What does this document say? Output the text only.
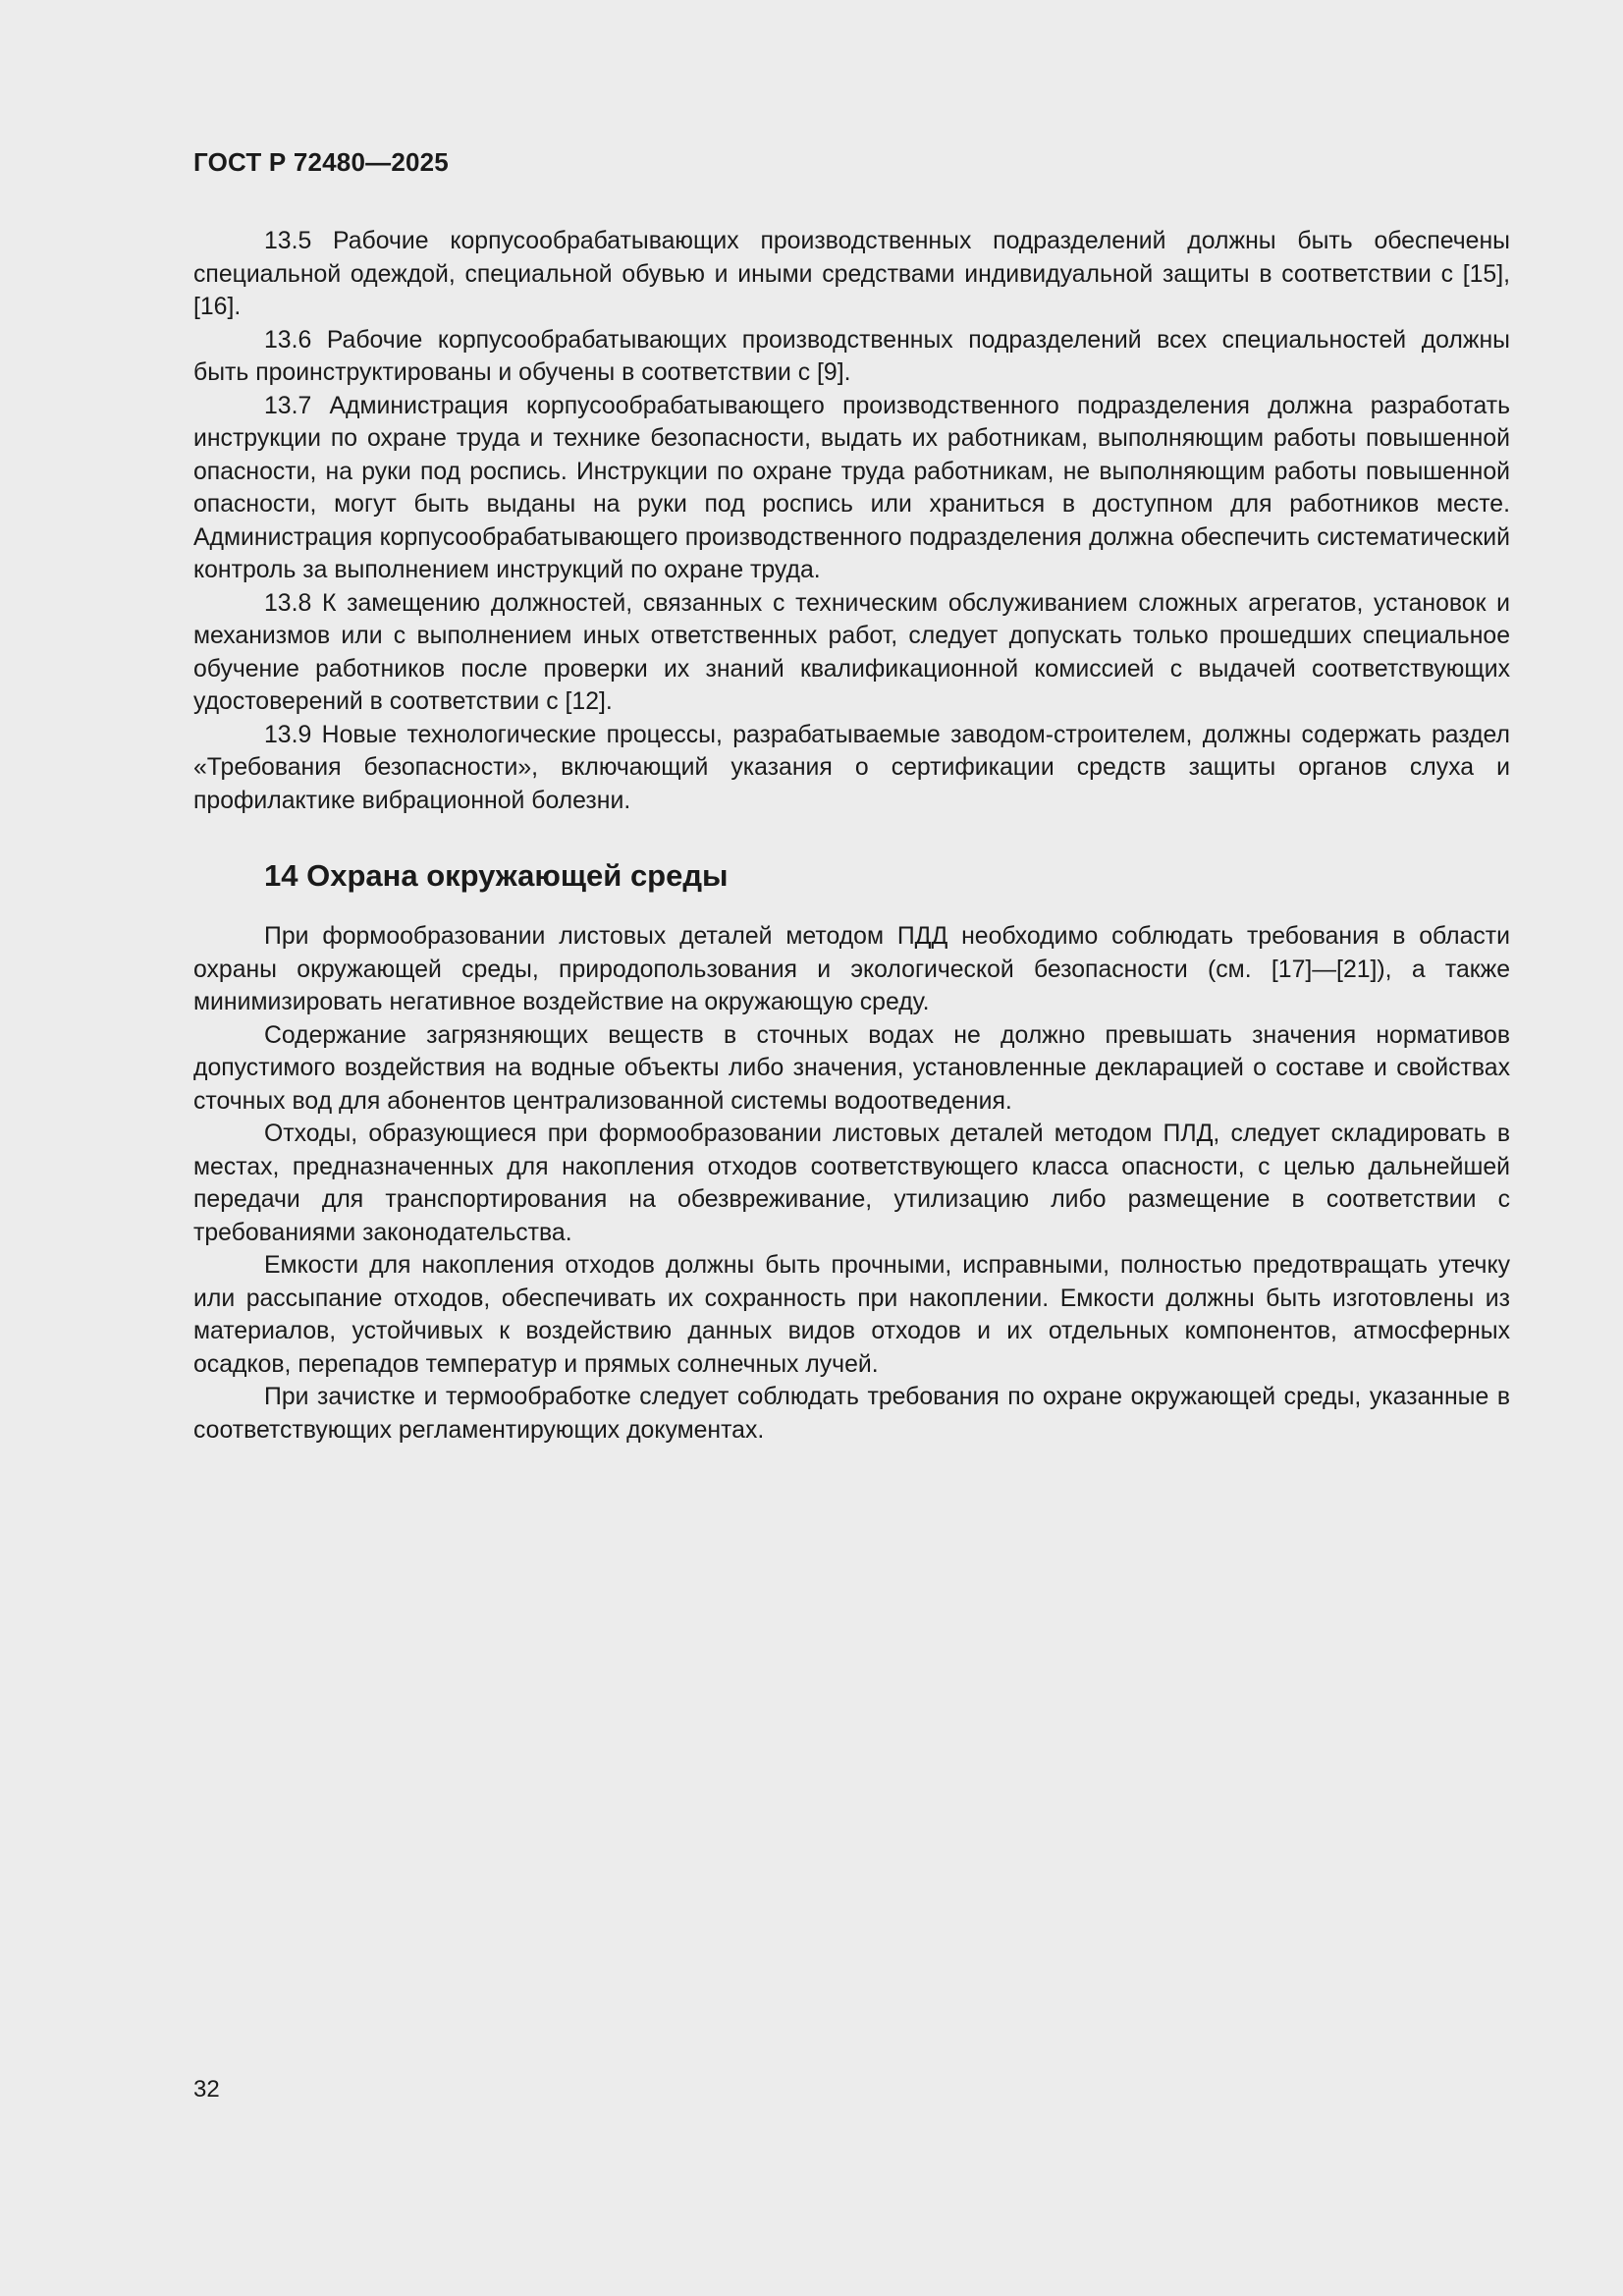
ГОСТ Р 72480—2025

13.5 Рабочие корпусообрабатывающих производственных подразделений должны быть обеспечены специальной одеждой, специальной обувью и иными средствами индивидуальной защиты в соответствии с [15], [16].

13.6 Рабочие корпусообрабатывающих производственных подразделений всех специальностей должны быть проинструктированы и обучены в соответствии с [9].

13.7 Администрация корпусообрабатывающего производственного подразделения должна разработать инструкции по охране труда и технике безопасности, выдать их работникам, выполняющим работы повышенной опасности, на руки под роспись. Инструкции по охране труда работникам, не выполняющим работы повышенной опасности, могут быть выданы на руки под роспись или храниться в доступном для работников месте. Администрация корпусообрабатывающего производственного подразделения должна обеспечить систематический контроль за выполнением инструкций по охране труда.

13.8 К замещению должностей, связанных с техническим обслуживанием сложных агрегатов, установок и механизмов или с выполнением иных ответственных работ, следует допускать только прошедших специальное обучение работников после проверки их знаний квалификационной комиссией с выдачей соответствующих удостоверений в соответствии с [12].

13.9 Новые технологические процессы, разрабатываемые заводом-строителем, должны содержать раздел «Требования безопасности», включающий указания о сертификации средств защиты органов слуха и профилактике вибрационной болезни.

14 Охрана окружающей среды

При формообразовании листовых деталей методом ПДД необходимо соблюдать требования в области охраны окружающей среды, природопользования и экологической безопасности (см. [17]—[21]), а также минимизировать негативное воздействие на окружающую среду.

Содержание загрязняющих веществ в сточных водах не должно превышать значения нормативов допустимого воздействия на водные объекты либо значения, установленные декларацией о составе и свойствах сточных вод для абонентов централизованной системы водоотведения.

Отходы, образующиеся при формообразовании листовых деталей методом ПЛД, следует складировать в местах, предназначенных для накопления отходов соответствующего класса опасности, с целью дальнейшей передачи для транспортирования на обезвреживание, утилизацию либо размещение в соответствии с требованиями законодательства.

Емкости для накопления отходов должны быть прочными, исправными, полностью предотвращать утечку или рассыпание отходов, обеспечивать их сохранность при накоплении. Емкости должны быть изготовлены из материалов, устойчивых к воздействию данных видов отходов и их отдельных компонентов, атмосферных осадков, перепадов температур и прямых солнечных лучей.

При зачистке и термообработке следует соблюдать требования по охране окружающей среды, указанные в соответствующих регламентирующих документах.

32
